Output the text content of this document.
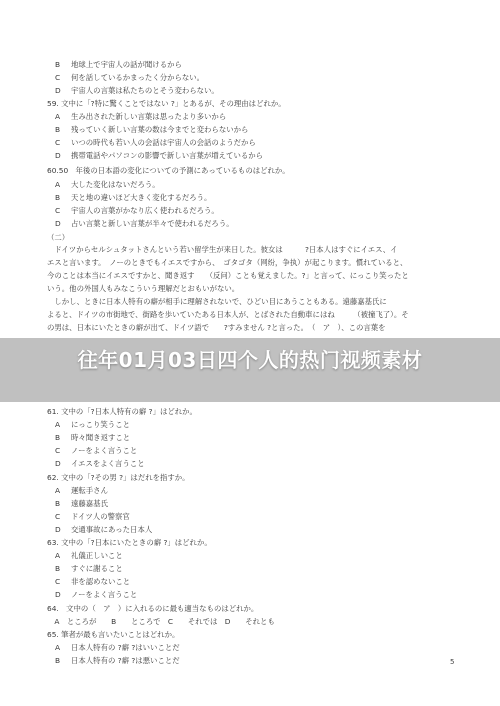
B 地球上で宇宙人の話が聞けるから
C 何を話しているかまったく分からない。
D 宇宙人の言葉は私たちのとそう変わらない。
59. 文中に「?特に驚くことではない ?」とあるが、その理由はどれか。
A 生み出された新しい言葉は思ったより多いから
B 残っていく新しい言葉の数は今までと変わらないから
C いつの時代も若い人の会話は宇宙人の会話のようだから
D 携帯電話やパソコンの影響で新しい言葉が増えているから
60.50　年後の日本語の変化についての予測にあっているものはどれか。
A 大した変化はないだろう。
B 天と地の違いほど大きく変化するだろう。
C 宇宙人の言葉がかなり広く使われるだろう。
D 占い言葉と新しい言葉が半々で使われるだろう。
（二）
　ドイツからセルシュタットさんという若い留学生が来日した。彼女は　　　?日本人はすぐにイエス、イ
エスと言います。　ノーのときでもイエスですから、　ゴタゴタ（网纷，争执）が起こります。慣れていると、
今のことは本当にイエスですかと、聞き返す　　（反问）ことも覚えました。?」と言って、にっこり笑ったと
いう。他の外国人もみなこういう理解だとおもいがない。
　しかし、ときに日本人特有の癖が相手に理解されないで、ひどい目にあうこともある。遠藤嘉基氏に
よると、ドイツの市街地で、街路を歩いていたある日本人が、とばされた自動車にはね　　　（被撞飞了）。そ
の男は、日本にいたときの癖が出て、ドイツ語で　　?すみません ?と言った。　（　ア　）、この言葉を
61. 文中の「?日本人特有の癖 ?」はどれか。
A にっこり笑うこと
B 時々聞き返すこと
C ノーをよく言うこと
D イエスをよく言うこと
62. 文中の「?その男 ?」はだれを指すか。
A 運転手さん
B 遠藤嘉基氏
C ドイツ人の警察官
D 交通事故にあった日本人
63. 文中の「?日本にいたときの癖 ?」はどれか。
A 礼儀正しいこと
B すぐに謝ること
C 非を認めないこと
D ノーをよく言うこと
64.　文中の（　ア　）に入れるのに最も適当なものはどれか。
　A　ところが　　B　　ところで　C　　それでは　D　　それとも
65. 筆者が最も言いたいことはどれか。
A 日本人特有の ?癖 ?はいいことだ
B 日本人特有の ?癖 ?は悪いことだ
往年01月03日四个人的热门视频素材
5
